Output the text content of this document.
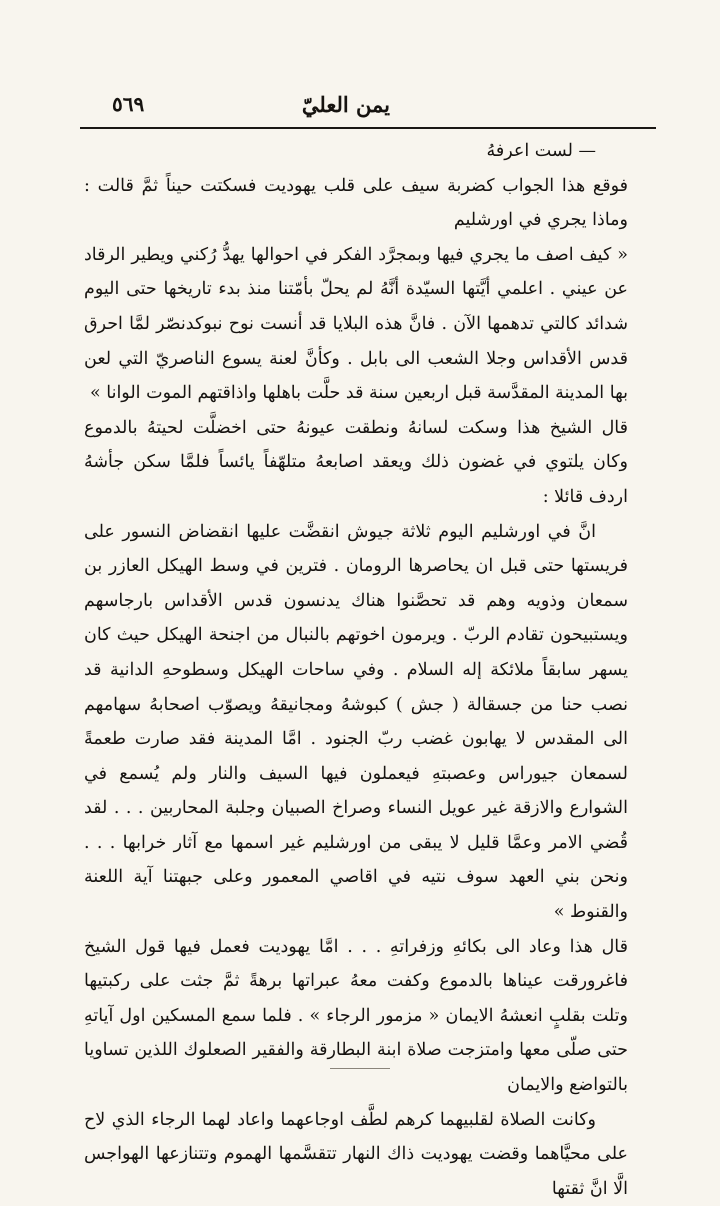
يمن العليّ
٥٦٩

— لست اعرفهُ

فوقع هذا الجواب كضربة سيف على قلب يهوديت فسكتت حيناً ثمَّ قالت : وماذا يجري في اورشليم

« كيف اصف ما يجري فيها وبمجرَّد الفكر في احوالها يهدُّ رُكني ويطير الرقاد عن عيني . اعلمي أيَّتها السيّدة أنَّهُ لم يحلّ بأمّتنا منذ بدء تاريخها حتى اليوم شدائد كالتي تدهمها الآن . فانَّ هذه البلايا قد أنست نوح نبوكدنصّر لمَّا احرق قدس الأقداس وجلا الشعب الى بابل . وكأنَّ لعنة يسوع الناصريّ التي لعن بها المدينة المقدَّسة قبل اربعين سنة قد حلَّت باهلها واذاقتهم الموت الوانا »

قال الشيخ هذا وسكت لسانهُ ونطقت عيونهُ حتى اخضلَّت لحيتهُ بالدموع وكان يلتوي في غضون ذلك ويعقد اصابعهُ متلهّفاً يائساً فلمَّا سكن جأشهُ اردف قائلا :

انَّ في اورشليم اليوم ثلاثة جيوش انقضَّت عليها انقضاض النسور على فريستها حتى قبل ان يحاصرها الرومان . فترين في وسط الهيكل العازر بن سمعان وذويه وهم قد تحصَّنوا هناك يدنسون قدس الأقداس بارجاسهم ويستبيحون تقادم الربّ . ويرمون اخوتهم بالنبال من اجنحة الهيكل حيث كان يسهر سابقاً ملائكة إله السلام . وفي ساحات الهيكل وسطوحهِ الدانية قد نصب حنا من جسقالة ( جش ) كبوشهُ ومجانيقهُ ويصوّب اصحابهُ سهامهم الى المقدس لا يهابون غضب ربّ الجنود . امَّا المدينة فقد صارت طعمةً لسمعان جيوراس وعصبتهِ فيعملون فيها السيف والنار ولم يُسمع في الشوارع والازقة غير عويل النساء وصراخ الصبيان وجلبة المحاربين . . . لقد قُضي الامر وعمَّا قليل لا يبقى من اورشليم غير اسمها مع آثار خرابها . . . ونحن بني العهد سوف نتيه في اقاصي المعمور وعلى جبهتنا آية اللعنة والقنوط »

قال هذا وعاد الى بكائهِ وزفراتهِ . . . امَّا يهوديت فعمل فيها قول الشيخ فاغرورقت عيناها بالدموع وكفت معهُ عبراتها برهةً ثمَّ جثت على ركبتيها وتلت بقلبٍ انعشهُ الايمان « مزمور الرجاء » . فلما سمع المسكين اول آياتهِ حتى صلّى معها وامتزجت صلاة ابنة البطارقة والفقير الصعلوك اللذين تساويا بالتواضع والايمان

وكانت الصلاة لقلبيهما كرهم لطَّف اوجاعهما واعاد لهما الرجاء الذي لاح على محيَّاهما وقضت يهوديت ذاك النهار تتقسَّمها الهموم وتتنازعها الهواجس الَّا انَّ ثقتها
